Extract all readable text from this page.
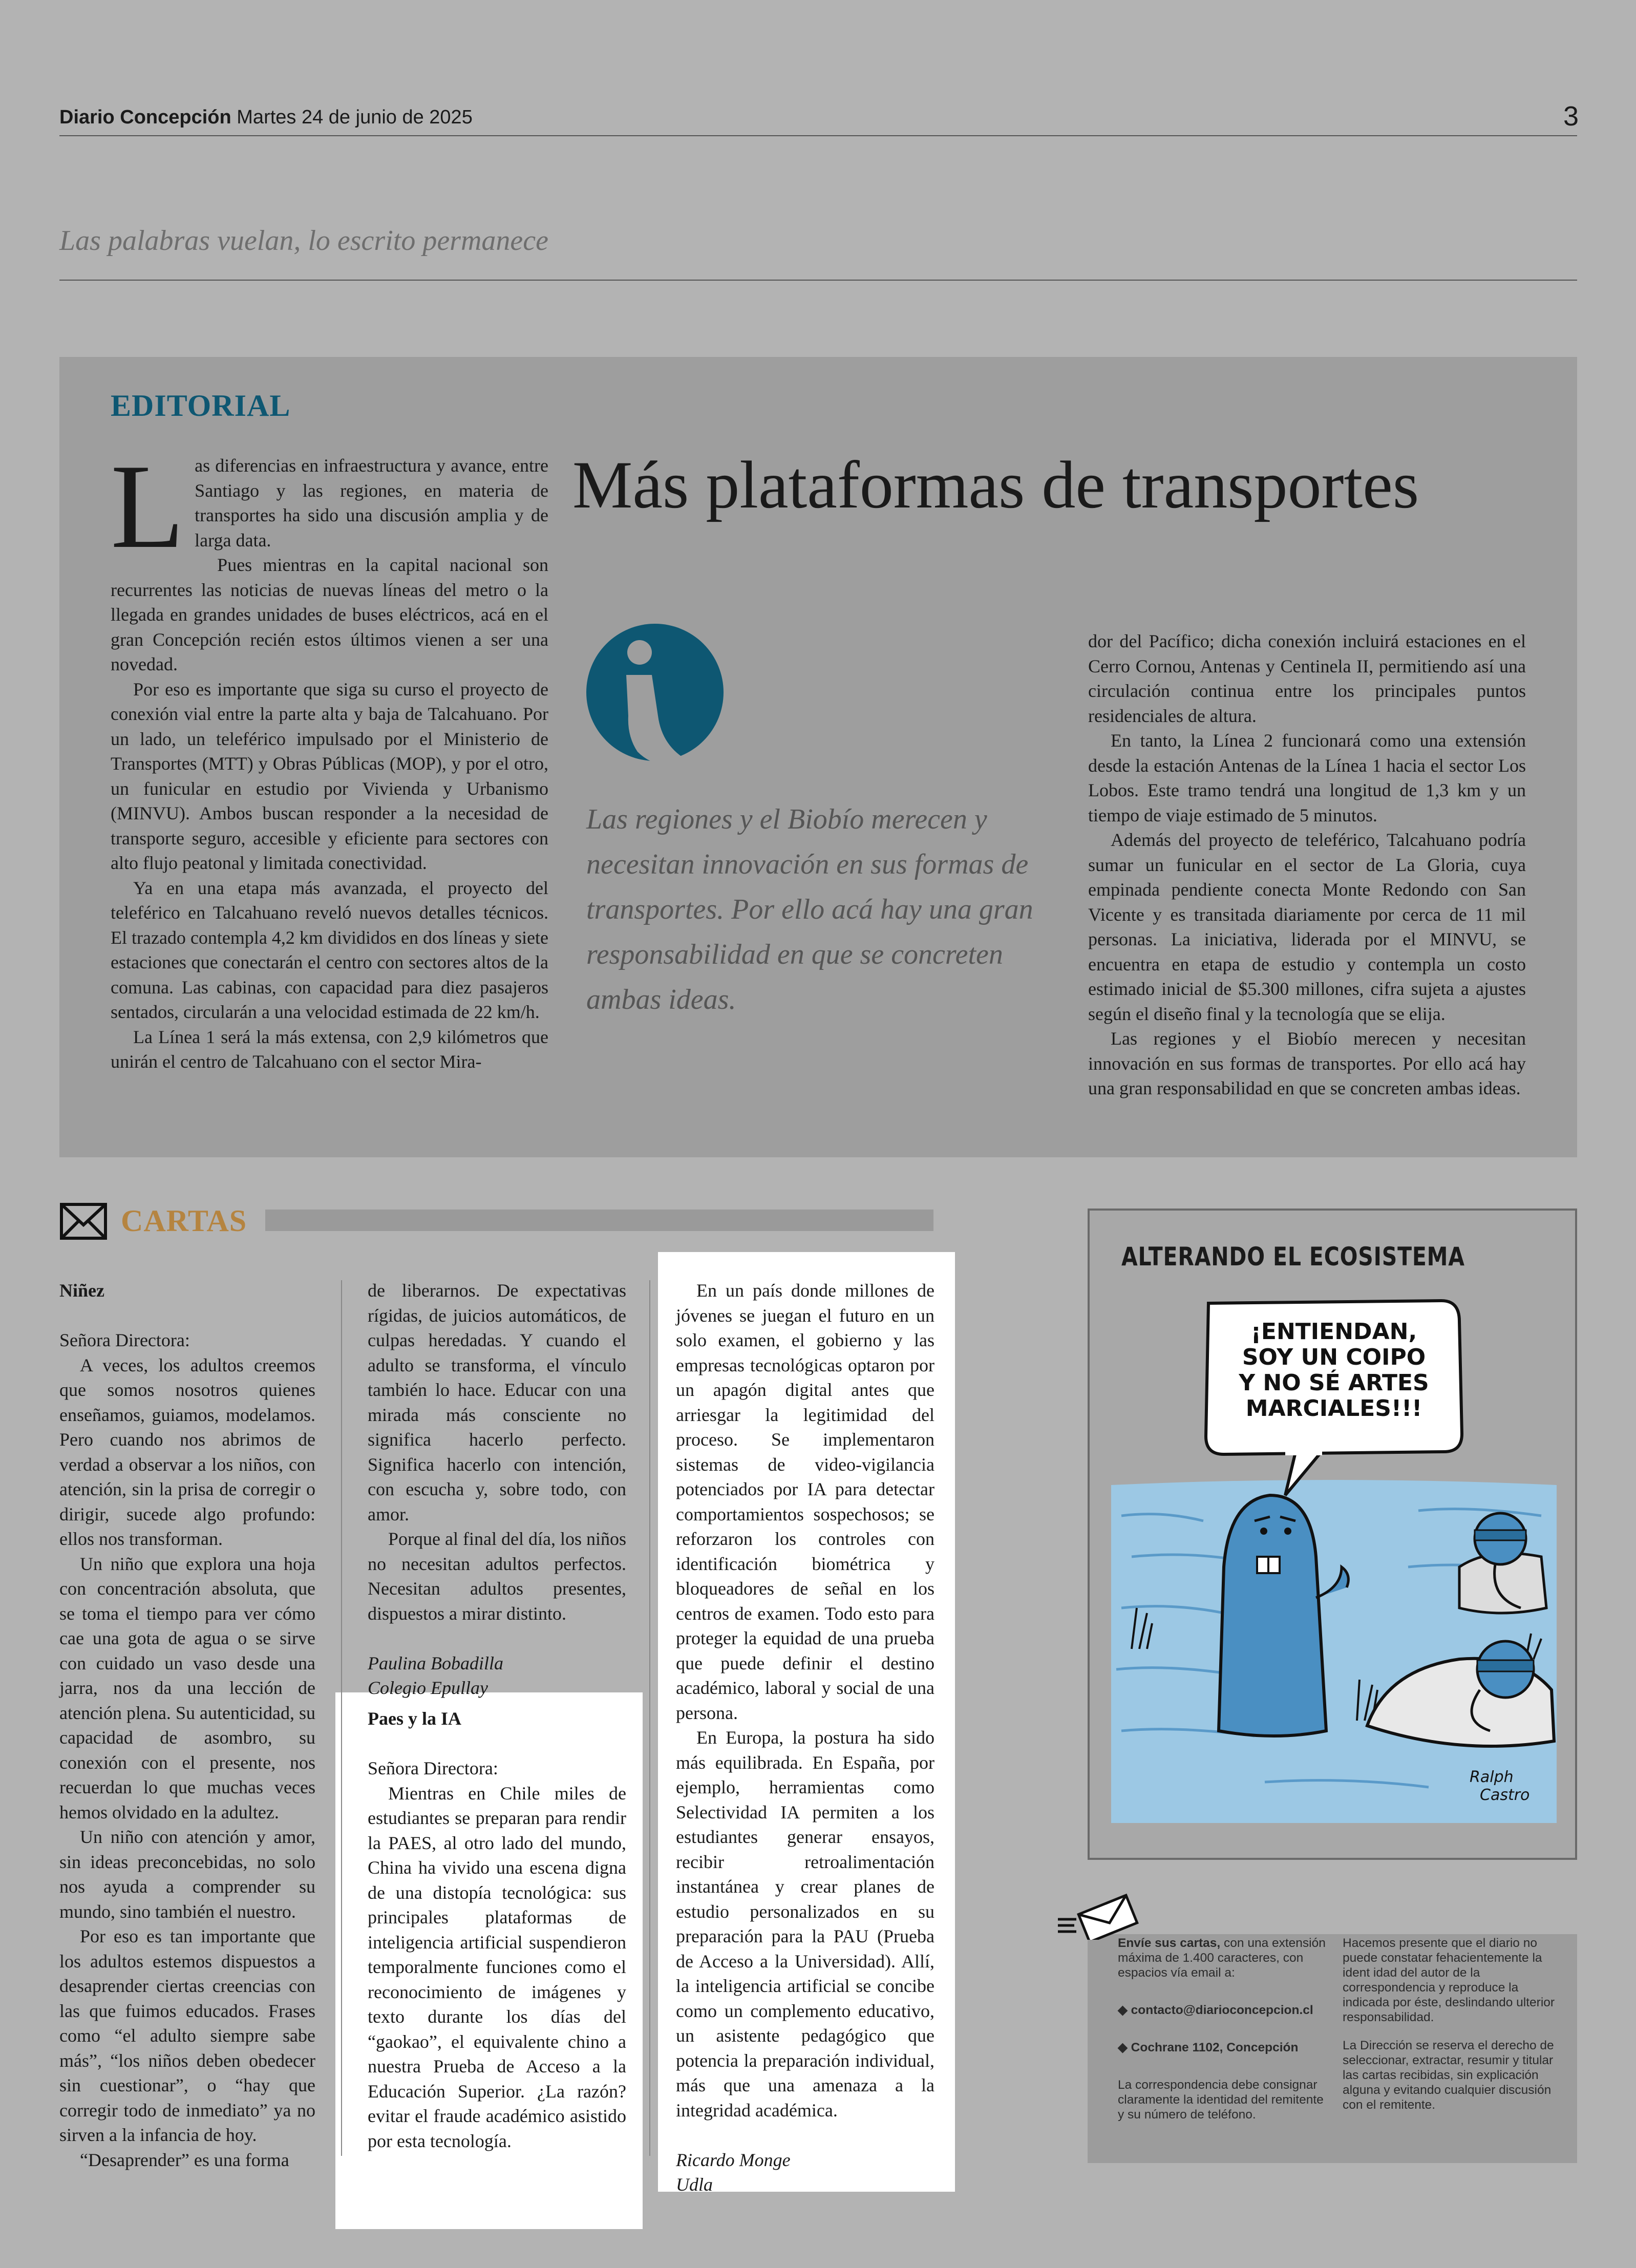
Diario Concepción Martes 24 de junio de 2025	3
Las palabras vuelan, lo escrito permanece
EDITORIAL
Más plataformas de transportes
L as diferencias en infraestructura y avance, entre Santiago y las regiones, en materia de transportes ha sido una discusión amplia y de larga data.

Pues mientras en la capital nacional son recurrentes las noticias de nuevas líneas del metro o la llegada en grandes unidades de buses eléctricos, acá en el gran Concepción recién estos últimos vienen a ser una novedad.

Por eso es importante que siga su curso el proyecto de conexión vial entre la parte alta y baja de Talcahuano. Por un lado, un teleférico impulsado por el Ministerio de Transportes (MTT) y Obras Públicas (MOP), y por el otro, un funicular en estudio por Vivienda y Urbanismo (MINVU). Ambos buscan responder a la necesidad de transporte seguro, accesible y eficiente para sectores con alto flujo peatonal y limitada conectividad.

Ya en una etapa más avanzada, el proyecto del teleférico en Talcahuano reveló nuevos detalles técnicos. El trazado contempla 4,2 km divididos en dos líneas y siete estaciones que conectarán el centro con sectores altos de la comuna. Las cabinas, con capacidad para diez pasajeros sentados, circularán a una velocidad estimada de 22 km/h.

La Línea 1 será la más extensa, con 2,9 kilómetros que unirán el centro de Talcahuano con el sector Mira-

Las regiones y el Biobío merecen y necesitan innovación en sus formas de transportes. Por ello acá hay una gran responsabilidad en que se concreten ambas ideas.

dor del Pacífico; dicha conexión incluirá estaciones en el Cerro Cornou, Antenas y Centinela II, permitiendo así una circulación continua entre los principales puntos residenciales de altura.

En tanto, la Línea 2 funcionará como una extensión desde la estación Antenas de la Línea 1 hacia el sector Los Lobos. Este tramo tendrá una longitud de 1,3 km y un tiempo de viaje estimado de 5 minutos.

Además del proyecto de teleférico, Talcahuano podría sumar un funicular en el sector de La Gloria, cuya empinada pendiente conecta Monte Redondo con San Vicente y es transitada diariamente por cerca de 11 mil personas. La iniciativa, liderada por el MINVU, se encuentra en etapa de estudio y contempla un costo estimado inicial de $5.300 millones, cifra sujeta a ajustes según el diseño final y la tecnología que se elija.

Las regiones y el Biobío merecen y necesitan innovación en sus formas de transportes. Por ello acá hay una gran responsabilidad en que se concreten ambas ideas.

CARTAS

Niñez

Señora Directora:

A veces, los adultos creemos que somos nosotros quienes enseñamos, guiamos, modelamos. Pero cuando nos abrimos de verdad a observar a los niños, con atención, sin la prisa de corregir o dirigir, sucede algo profundo: ellos nos transforman.

Un niño que explora una hoja con concentración absoluta, que se toma el tiempo para ver cómo cae una gota de agua o se sirve con cuidado un vaso desde una jarra, nos da una lección de atención plena. Su autenticidad, su capacidad de asombro, su conexión con el presente, nos recuerdan lo que muchas veces hemos olvidado en la adultez.

Un niño con atención y amor, sin ideas preconcebidas, no solo nos ayuda a comprender su mundo, sino también el nuestro.

Por eso es tan importante que los adultos estemos dispuestos a desaprender ciertas creencias con las que fuimos educados. Frases como “el adulto siempre sabe más”, “los niños deben obedecer sin cuestionar”, o “hay que corregir todo de inmediato” ya no sirven a la infancia de hoy.

“Desaprender” es una forma

de liberarnos. De expectativas rígidas, de juicios automáticos, de culpas heredadas. Y cuando el adulto se transforma, el vínculo también lo hace. Educar con una mirada más consciente no significa hacerlo perfecto. Significa hacerlo con intención, con escucha y, sobre todo, con amor.

Porque al final del día, los niños no necesitan adultos perfectos. Necesitan adultos presentes, dispuestos a mirar distinto.

Paulina Bobadilla

Colegio Epullay

Paes y la IA

Señora Directora:

Mientras en Chile miles de estudiantes se preparan para rendir la PAES, al otro lado del mundo, China ha vivido una escena digna de una distopía tecnológica: sus principales plataformas de inteligencia artificial suspendieron temporalmente funciones como el reconocimiento de imágenes y texto durante los días del “gaokao”, el equivalente chino a nuestra Prueba de Acceso a la Educación Superior. ¿La razón? evitar el fraude académico asistido por esta tecnología.

En un país donde millones de jóvenes se juegan el futuro en un solo examen, el gobierno y las empresas tecnológicas optaron por un apagón digital antes que arriesgar la legitimidad del proceso. Se implementaron sistemas de video-vigilancia potenciados por IA para detectar comportamientos sospechosos; se reforzaron los controles con identificación biométrica y bloqueadores de señal en los centros de examen. Todo esto para proteger la equidad de una prueba que puede definir el destino académico, laboral y social de una persona.

En Europa, la postura ha sido más equilibrada. En España, por ejemplo, herramientas como Selectividad IA permiten a los estudiantes generar ensayos, recibir retroalimentación instantánea y crear planes de estudio personalizados en su preparación para la PAU (Prueba de Acceso a la Universidad). Allí, la inteligencia artificial se concibe como un complemento educativo, un asistente pedagógico que potencia la preparación individual, más que una amenaza a la integridad académica.

Ricardo Monge

Udla

ALTERANDO EL ECOSISTEMA
¡ENTIENDAN,
SOY UN COIPO
Y NO SÉ ARTES
MARCIALES!!!
Ralph
Castro
Envíe sus cartas, con una extensión máxima de 1.400 caracteres, con espacios vía email a:
◆ contacto@diarioconcepcion.cl
◆ Cochrane 1102, Concepción
La correspondencia debe consignar claramente la identidad del remitente y su número de teléfono.
Hacemos presente que el diario no puede constatar fehacientemente la ident idad del autor de la correspondencia y reproduce la indicada por éste, deslindando ulterior responsabilidad.
La Dirección se reserva el derecho de seleccionar, extractar, resumir y titular las cartas recibidas, sin explicación alguna y evitando cualquier discusión con el remitente.
